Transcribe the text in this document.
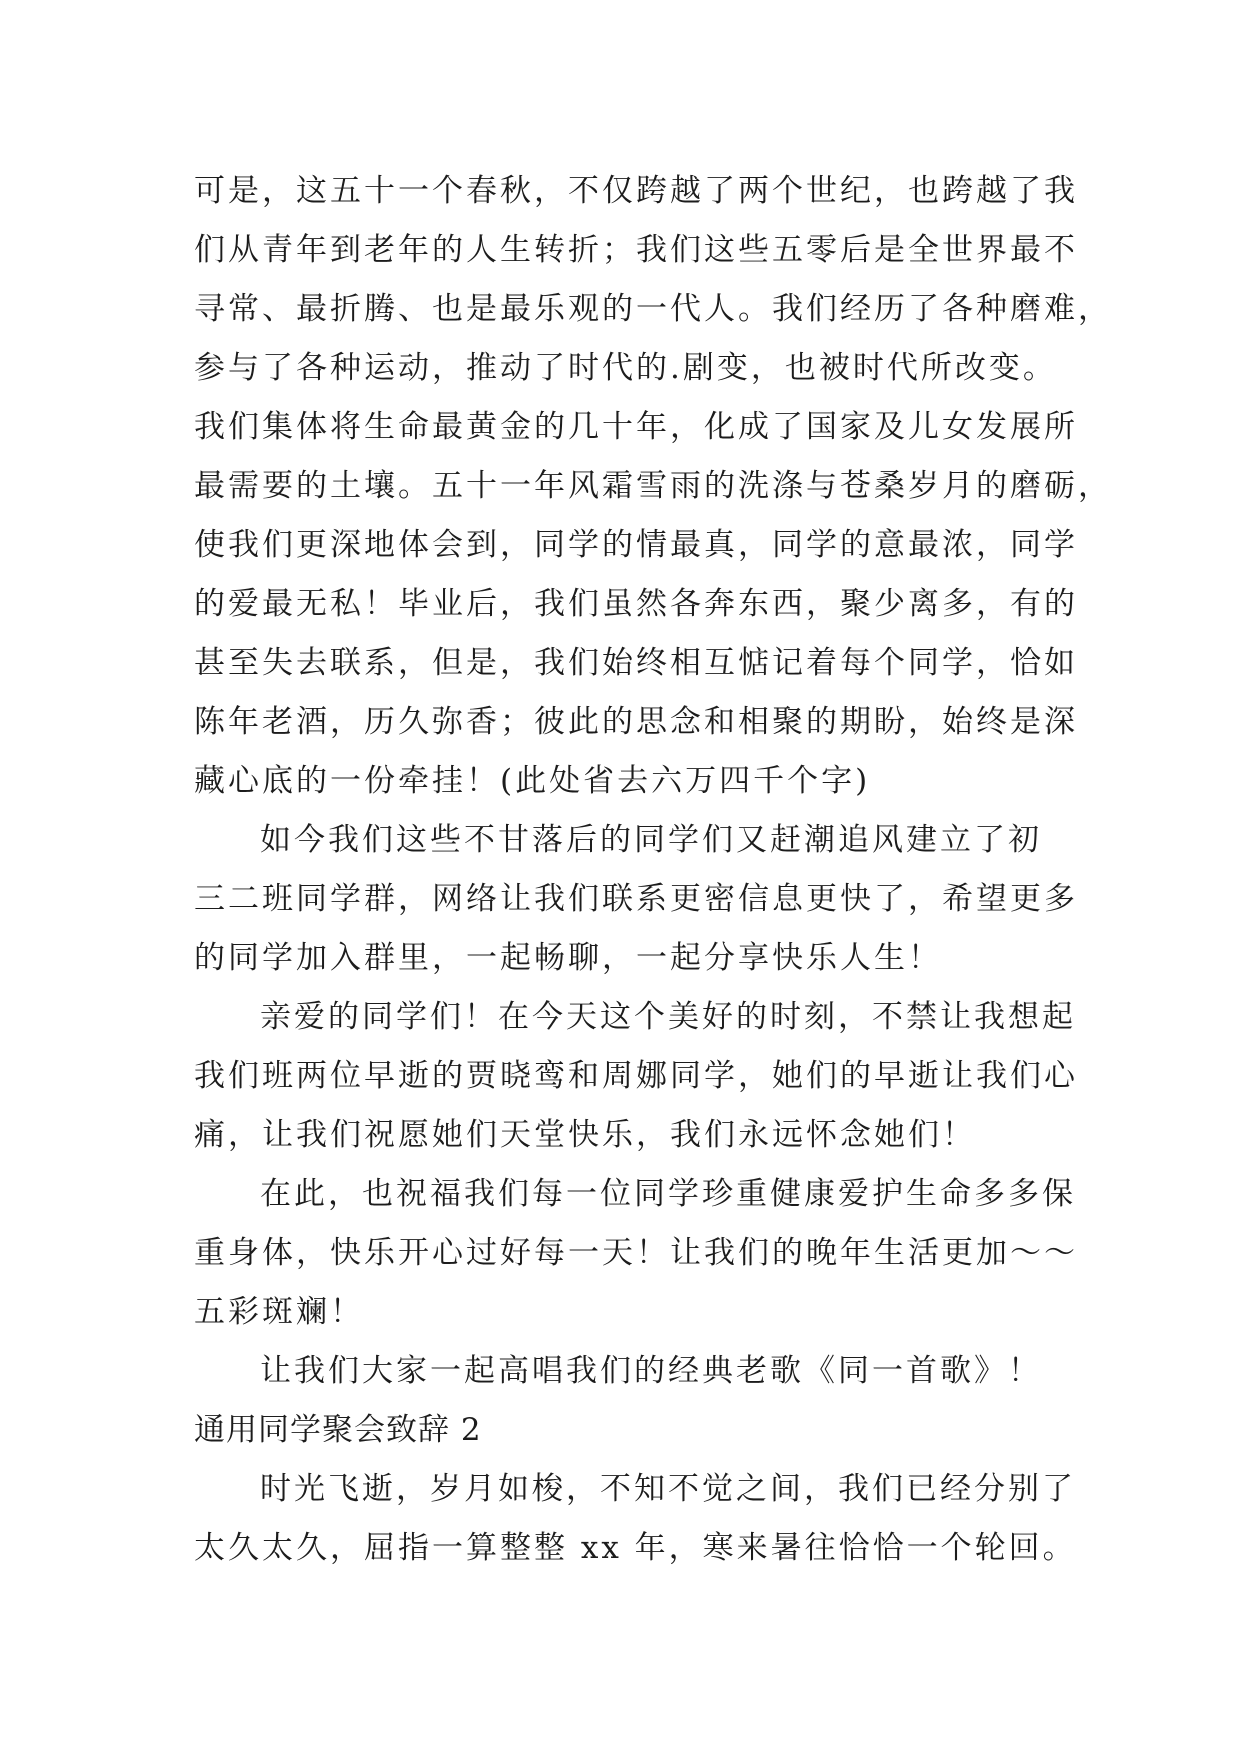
可是，这五十一个春秋，不仅跨越了两个世纪，也跨越了我
们从青年到老年的人生转折；我们这些五零后是全世界最不
寻常、最折腾、也是最乐观的一代人。我们经历了各种磨难，
参与了各种运动，推动了时代的.剧变，也被时代所改变。
我们集体将生命最黄金的几十年，化成了国家及儿女发展所
最需要的土壤。五十一年风霜雪雨的洗涤与苍桑岁月的磨砺，
使我们更深地体会到，同学的情最真，同学的意最浓，同学
的爱最无私！毕业后，我们虽然各奔东西，聚少离多，有的
甚至失去联系，但是，我们始终相互惦记着每个同学，恰如
陈年老酒，历久弥香；彼此的思念和相聚的期盼，始终是深
藏心底的一份牵挂！(此处省去六万四千个字)
如今我们这些不甘落后的同学们又赶潮追风建立了初
三二班同学群，网络让我们联系更密信息更快了，希望更多
的同学加入群里，一起畅聊，一起分享快乐人生！
亲爱的同学们！在今天这个美好的时刻，不禁让我想起
我们班两位早逝的贾晓鸾和周娜同学，她们的早逝让我们心
痛，让我们祝愿她们天堂快乐，我们永远怀念她们！
在此，也祝福我们每一位同学珍重健康爱护生命多多保
重身体，快乐开心过好每一天！让我们的晚年生活更加～～
五彩斑斓！
让我们大家一起高唱我们的经典老歌《同一首歌》！
通用同学聚会致辞 2
时光飞逝，岁月如梭，不知不觉之间，我们已经分别了
太久太久，屈指一算整整 xx 年，寒来暑往恰恰一个轮回。
